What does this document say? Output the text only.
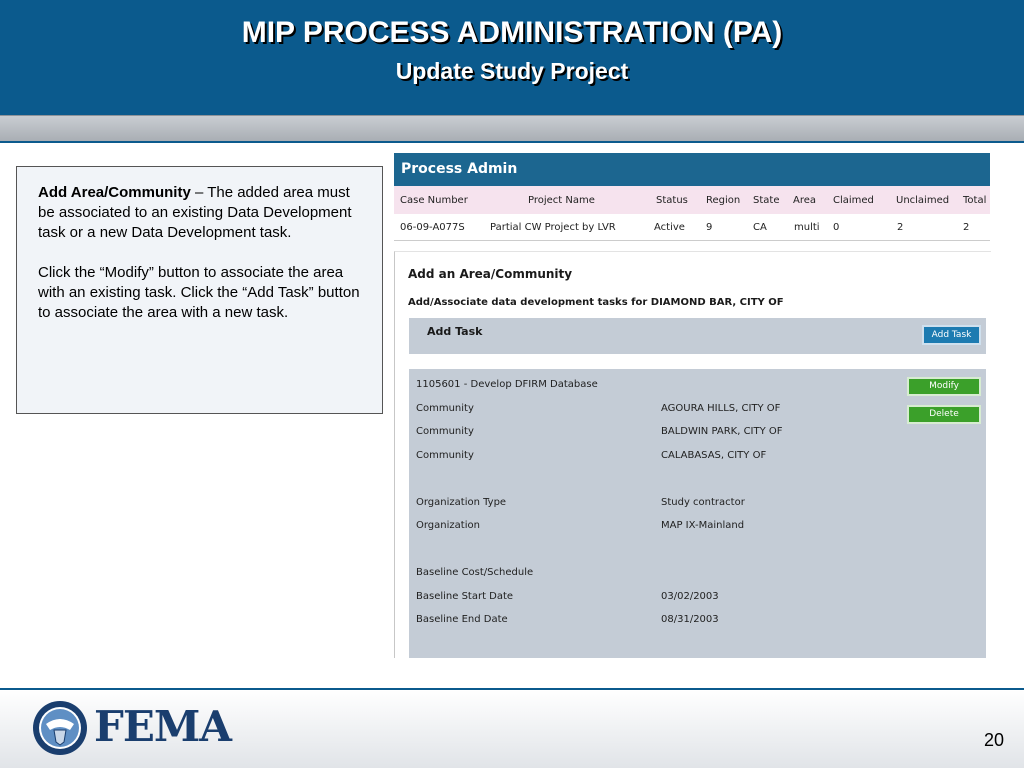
MIP PROCESS ADMINISTRATION (PA)
Update Study Project

Add Area/Community – The added area must be associated to an existing Data Development task or a new Data Development task.

Click the “Modify” button to associate the area with an existing task. Click the “Add Task” button to associate the area with a new task.

Process Admin
Case Number	Project Name	Status	Region	State	Area	Claimed	Unclaimed	Total
06-09-A077S	Partial CW Project by LVR	Active	9	CA	multi	0	2	2
Add an Area/Community
Add/Associate data development tasks for DIAMOND BAR, CITY OF
Add Task	Add Task
1105601 - Develop DFIRM Database	Modify
Delete
Community	AGOURA HILLS, CITY OF
Community	BALDWIN PARK, CITY OF
Community	CALABASAS, CITY OF
Organization Type	Study contractor
Organization	MAP IX-Mainland
Baseline Cost/Schedule
Baseline Start Date	03/02/2003
Baseline End Date	08/31/2003
FEMA	20
